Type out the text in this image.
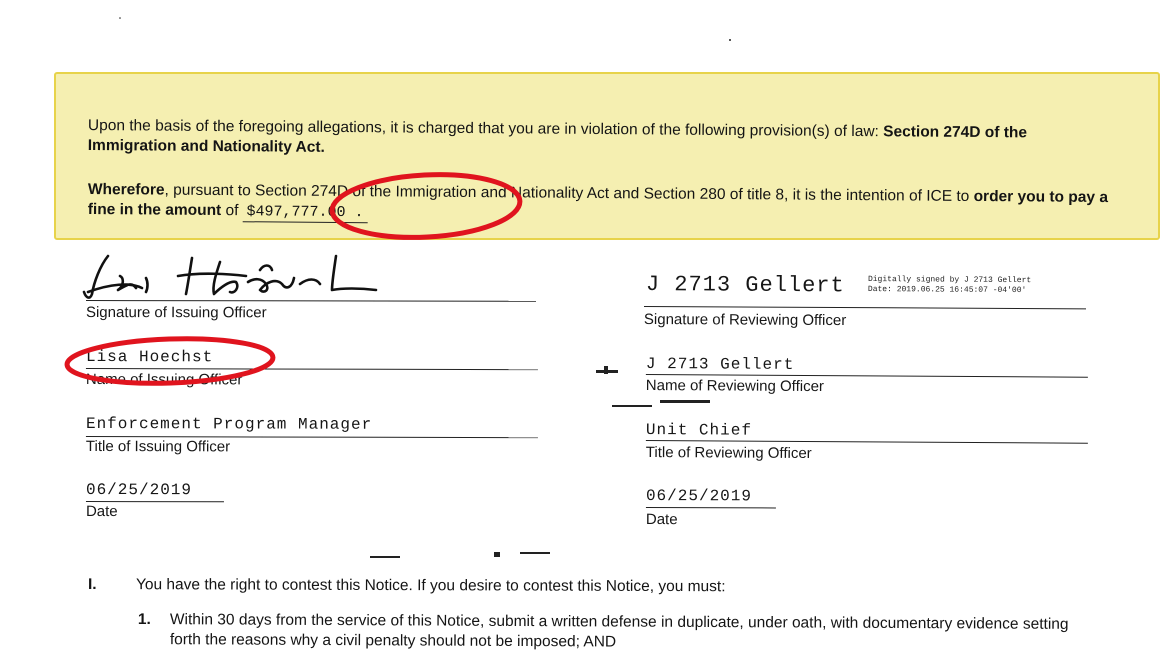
Upon the basis of the foregoing allegations, it is charged that you are in violation of the following provision(s) of law: Section 274D of the Immigration and Nationality Act.
Wherefore, pursuant to Section 274D of the Immigration and Nationality Act and Section 280 of title 8, it is the intention of ICE to order you to pay a fine in the amount of $497,777.00 .
Signature of Issuing Officer
Lisa Hoechst
Name of Issuing Officer
Enforcement Program Manager
Title of Issuing Officer
06/25/2019
Date
J 2713 Gellert	Digitally signed by J 2713 Gellert
Date: 2019.06.25 16:45:07 -04'00'
Signature of Reviewing Officer
J 2713 Gellert
Name of Reviewing Officer
Unit Chief
Title of Reviewing Officer
06/25/2019
Date
I.	You have the right to contest this Notice. If you desire to contest this Notice, you must:
1. Within 30 days from the service of this Notice, submit a written defense in duplicate, under oath, with documentary evidence setting forth the reasons why a civil penalty should not be imposed; AND
